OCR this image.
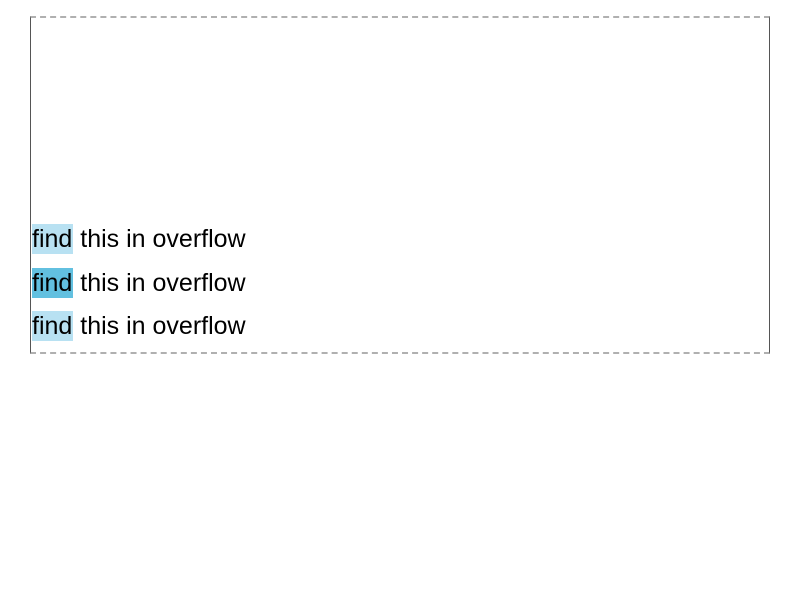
find this in overflow
find this in overflow
find this in overflow
